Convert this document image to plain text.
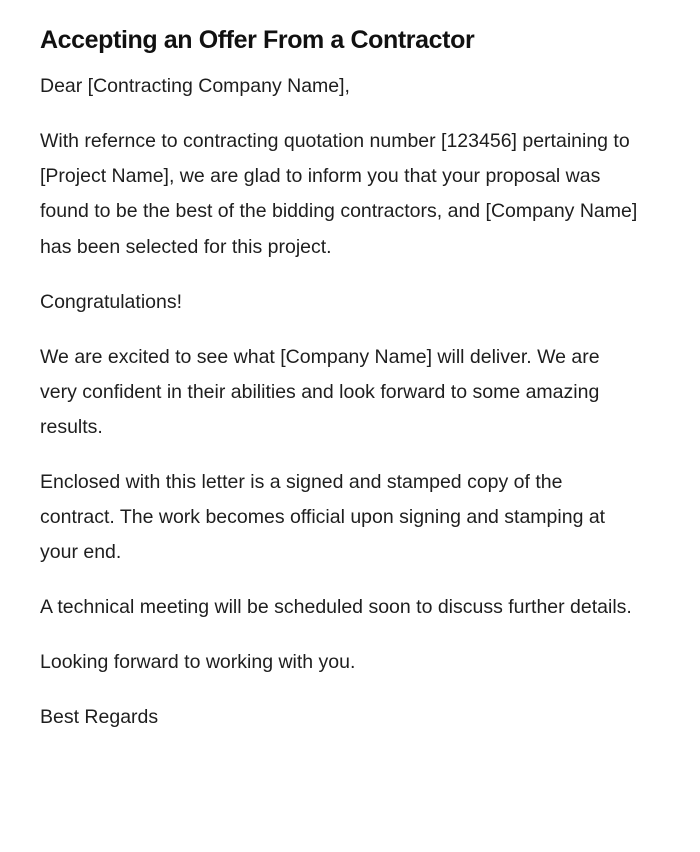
Accepting an Offer From a Contractor

Dear [Contracting Company Name],

With refernce to contracting quotation number [123456] pertaining to [Project Name], we are glad to inform you that your proposal was found to be the best of the bidding contractors, and [Company Name] has been selected for this project.

Congratulations!

We are excited to see what [Company Name] will deliver. We are very confident in their abilities and look forward to some amazing results.

Enclosed with this letter is a signed and stamped copy of the contract. The work becomes official upon signing and stamping at your end.

A technical meeting will be scheduled soon to discuss further details.

Looking forward to working with you.

Best Regards
